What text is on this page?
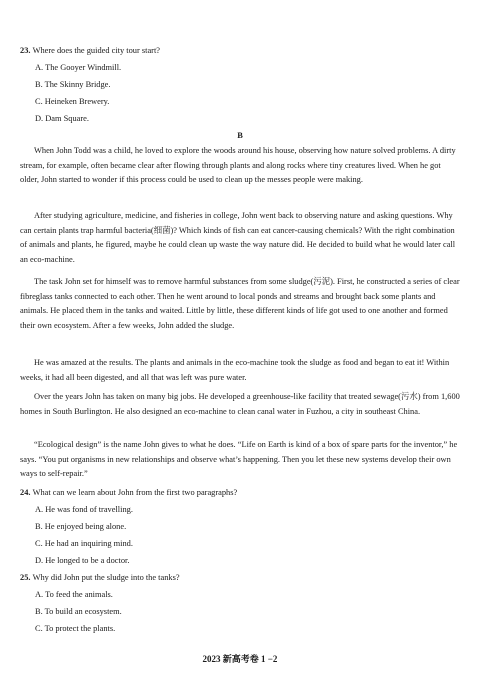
23. Where does the guided city tour start?
A. The Gooyer Windmill.
B. The Skinny Bridge.
C. Heineken Brewery.
D. Dam Square.
B
When John Todd was a child, he loved to explore the woods around his house, observing how nature solved problems. A dirty stream, for example, often became clear after flowing through plants and along rocks where tiny creatures lived. When he got older, John started to wonder if this process could be used to clean up the messes people were making.
After studying agriculture, medicine, and fisheries in college, John went back to observing nature and asking questions. Why can certain plants trap harmful bacteria(细菌)? Which kinds of fish can eat cancer-causing chemicals? With the right combination of animals and plants, he figured, maybe he could clean up waste the way nature did. He decided to build what he would later call an eco-machine.
The task John set for himself was to remove harmful substances from some sludge(污泥). First, he constructed a series of clear fibreglass tanks connected to each other. Then he went around to local ponds and streams and brought back some plants and animals. He placed them in the tanks and waited. Little by little, these different kinds of life got used to one another and formed their own ecosystem. After a few weeks, John added the sludge.
He was amazed at the results. The plants and animals in the eco-machine took the sludge as food and began to eat it! Within weeks, it had all been digested, and all that was left was pure water.
Over the years John has taken on many big jobs. He developed a greenhouse-like facility that treated sewage(污水) from 1,600 homes in South Burlington. He also designed an eco-machine to clean canal water in Fuzhou, a city in southeast China.
“Ecological design” is the name John gives to what he does. “Life on Earth is kind of a box of spare parts for the inventor,” he says. “You put organisms in new relationships and observe what’s happening. Then you let these new systems develop their own ways to self-repair.”
24. What can we learn about John from the first two paragraphs?
A. He was fond of travelling.
B. He enjoyed being alone.
C. He had an inquiring mind.
D. He longed to be a doctor.
25. Why did John put the sludge into the tanks?
A. To feed the animals.
B. To build an ecosystem.
C. To protect the plants.
2023 新高考卷 1 −2
